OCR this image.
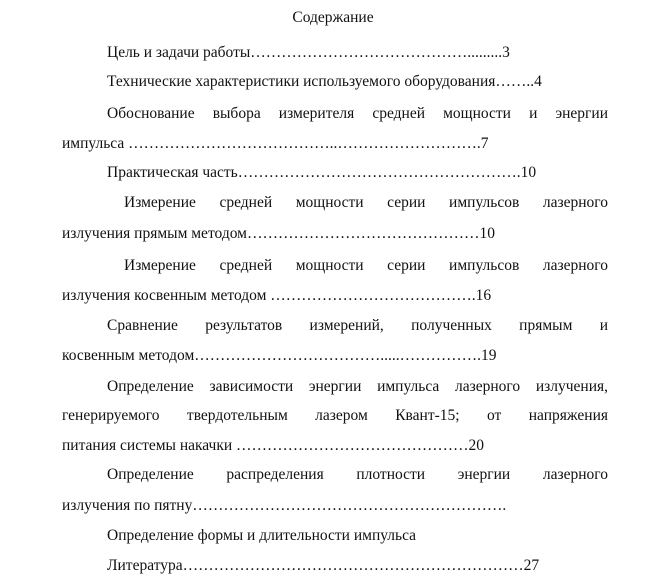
Содержание
Цель и задачи работы…………………………………….........3
Технические характеристики используемого оборудования……..4
Обоснование выбора измерителя средней мощности и энергии
импульса …………………………………..……………………….7
Практическая часть……………………………………………….10
Измерение средней мощности серии импульсов лазерного
излучения прямым методом………………………………………10
Измерение средней мощности серии импульсов лазерного
излучения косвенным методом ………………………………….16
Сравнение результатов измерений, полученных прямым и
косвенным методом……………………………….....…………….19
Определение зависимости энергии импульса лазерного излучения,
генерируемого твердотельным лазером Квант-15; от напряжения
питания системы накачки ………………………………………20
Определение распределения плотности энергии лазерного
излучения по пятну…………………………………………………….
Определение формы и длительности импульса
Литература…………………………………………………………27
